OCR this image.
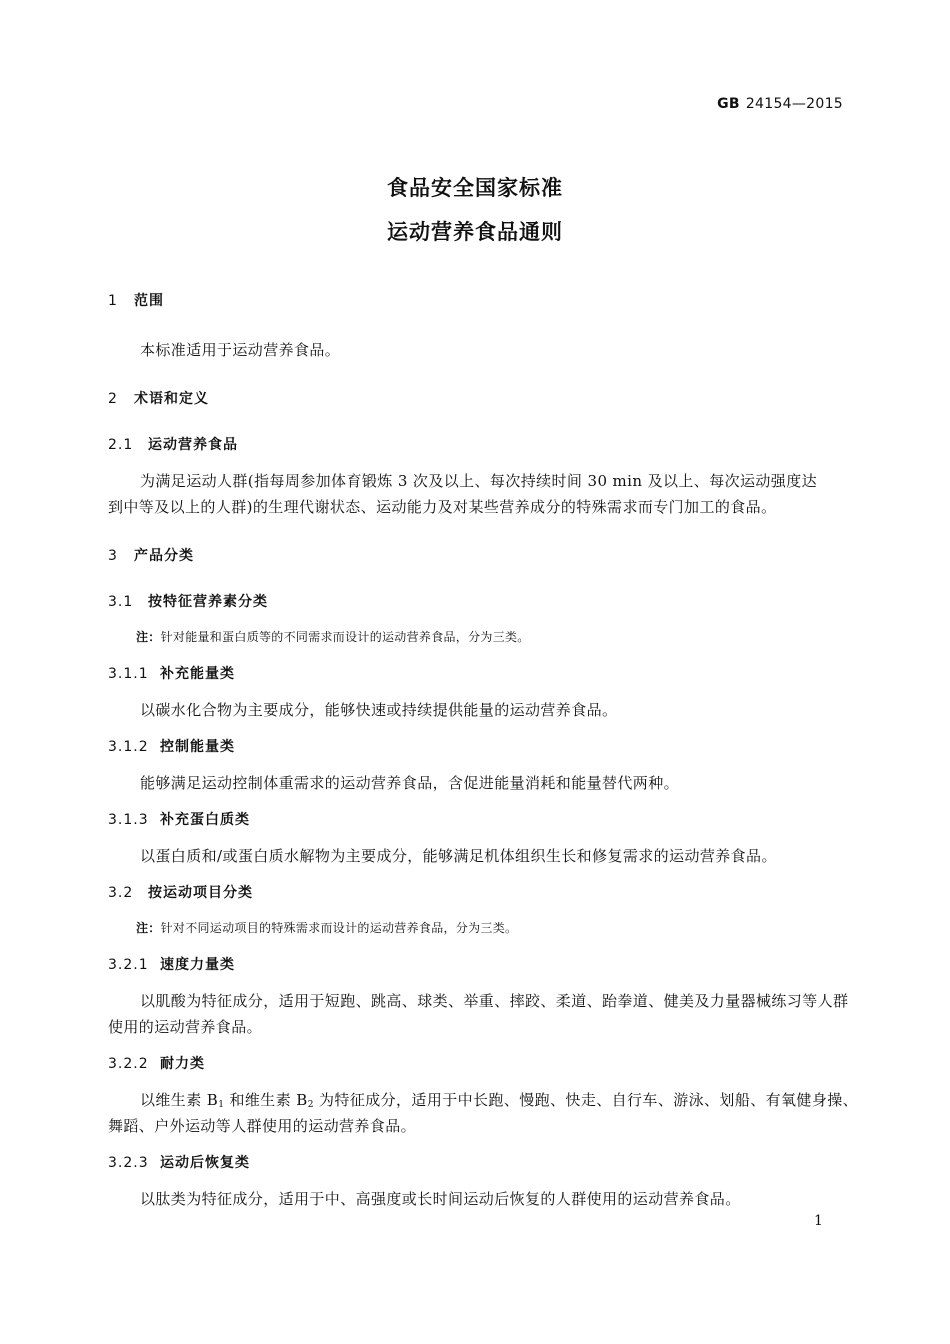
GB 24154—2015
食品安全国家标准
运动营养食品通则
1 范围
本标准适用于运动营养食品。
2 术语和定义
2.1 运动营养食品
为满足运动人群(指每周参加体育锻炼 3 次及以上、每次持续时间 30 min 及以上、每次运动强度达
到中等及以上的人群)的生理代谢状态、运动能力及对某些营养成分的特殊需求而专门加工的食品。
3 产品分类
3.1 按特征营养素分类
注：针对能量和蛋白质等的不同需求而设计的运动营养食品，分为三类。
3.1.1 补充能量类
以碳水化合物为主要成分，能够快速或持续提供能量的运动营养食品。
3.1.2 控制能量类
能够满足运动控制体重需求的运动营养食品，含促进能量消耗和能量替代两种。
3.1.3 补充蛋白质类
以蛋白质和/或蛋白质水解物为主要成分，能够满足机体组织生长和修复需求的运动营养食品。
3.2 按运动项目分类
注：针对不同运动项目的特殊需求而设计的运动营养食品，分为三类。
3.2.1 速度力量类
以肌酸为特征成分，适用于短跑、跳高、球类、举重、摔跤、柔道、跆拳道、健美及力量器械练习等人群
使用的运动营养食品。
3.2.2 耐力类
以维生素 $B_1$ 和维生素 $B_2$ 为特征成分，适用于中长跑、慢跑、快走、自行车、游泳、划船、有氧健身操、
舞蹈、户外运动等人群使用的运动营养食品。
3.2.3 运动后恢复类
以肽类为特征成分，适用于中、高强度或长时间运动后恢复的人群使用的运动营养食品。
1
